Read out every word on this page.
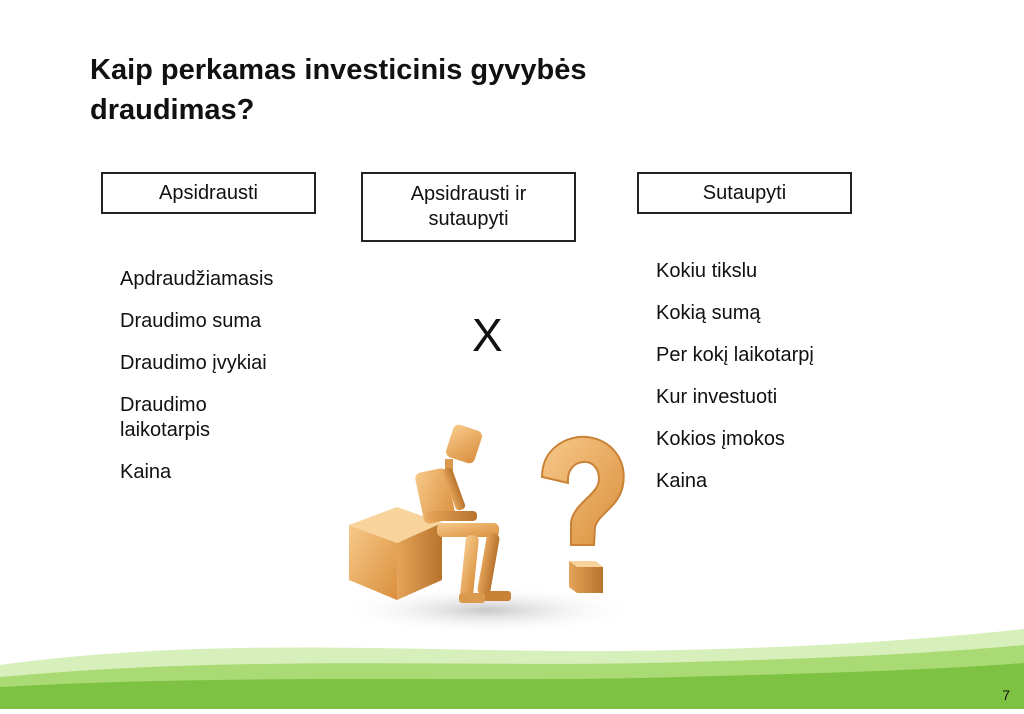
Kaip perkamas investicinis gyvybės draudimas?
Apsidrausti	Apsidrausti ir sutaupyti
Sutaupyti
Apdraudžiamasis
Draudimo suma
Draudimo įvykiai
Draudimo laikotarpis
Kaina
X
Kokiu tikslu
Kokią sumą
Per kokį laikotarpį
Kur investuoti
Kokios įmokos
Kaina
7
